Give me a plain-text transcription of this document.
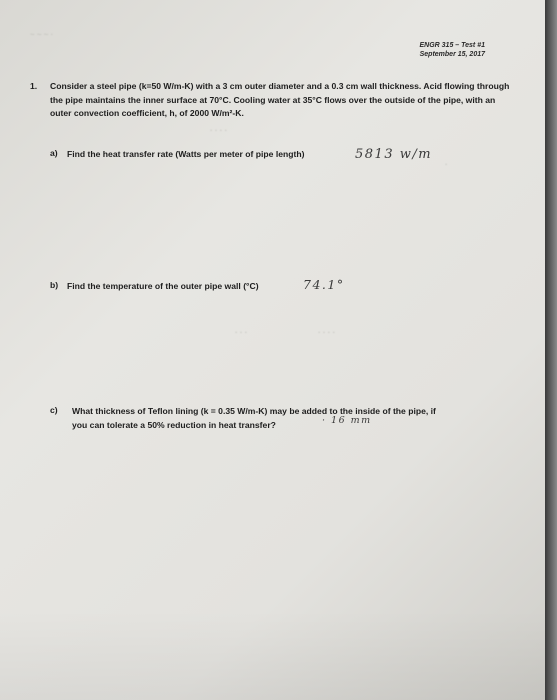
~ ~ ~ ·
· · · ·
· · ·	· · · ·
·
ENGR 315 – Test #1
September 15, 2017
1. Consider a steel pipe (k=50 W/m-K) with a 3 cm outer diameter and a 0.3 cm wall thickness. Acid flowing through the pipe maintains the inner surface at 70°C. Cooling water at 35°C flows over the outside of the pipe, with an outer convection coefficient, h, of 2000 W/m²-K.
a) Find the heat transfer rate (Watts per meter of pipe length)	5813 w/m
b) Find the temperature of the outer pipe wall (°C)	74.1°
c) What thickness of Teflon lining (k = 0.35 W/m-K) may be added to the inside of the pipe, if you can tolerate a 50% reduction in heat transfer?	· 16 mm
